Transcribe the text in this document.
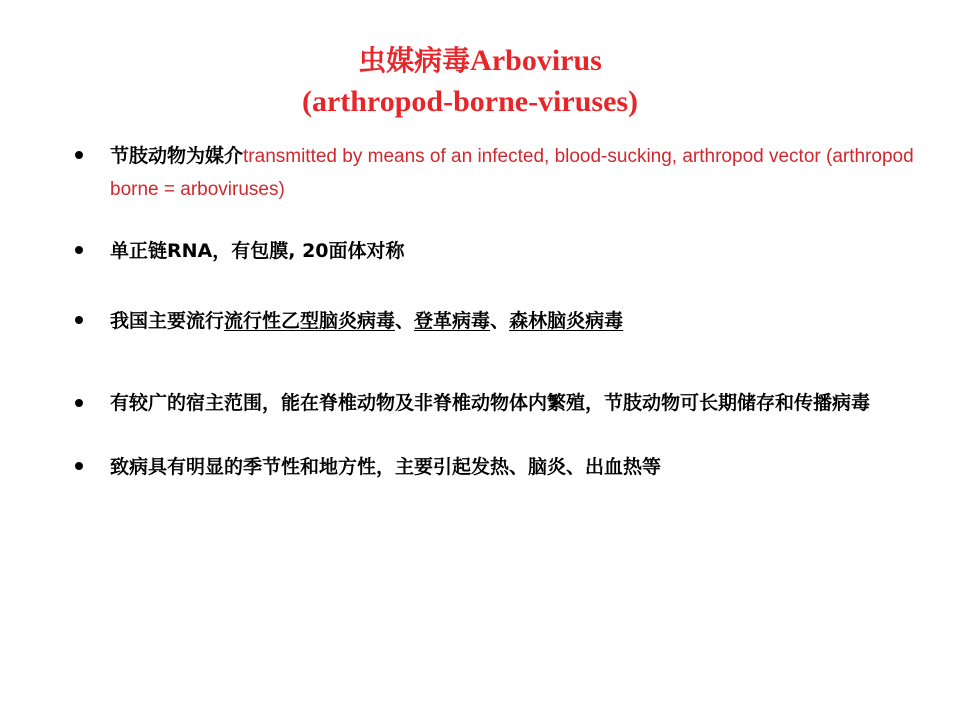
虫媒病毒Arbovirus
(arthropod-borne-viruses)
节肢动物为媒介transmitted by means of an infected, blood-sucking, arthropod vector (arthropod borne = arboviruses)
单正链RNA，有包膜, 20面体对称
我国主要流行流行性乙型脑炎病毒、登革病毒、森林脑炎病毒
有较广的宿主范围，能在脊椎动物及非脊椎动物体内繁殖，节肢动物可长期储存和传播病毒
致病具有明显的季节性和地方性，主要引起发热、脑炎、出血热等
